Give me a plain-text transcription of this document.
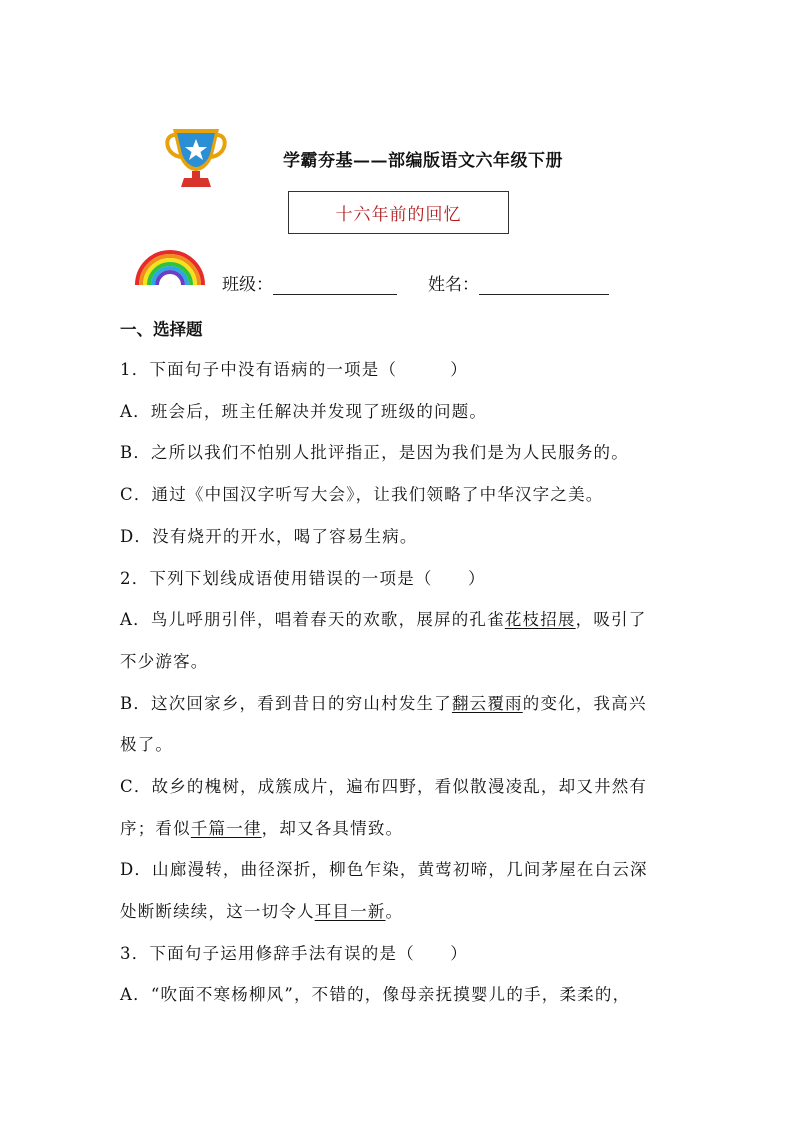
学霸夯基——部编版语文六年级下册
十六年前的回忆
班级：	姓名：
一、选择题
1．下面句子中没有语病的一项是（　　　）
A．班会后，班主任解决并发现了班级的问题。
B．之所以我们不怕别人批评指正，是因为我们是为人民服务的。
C．通过《中国汉字听写大会》，让我们领略了中华汉字之美。
D．没有烧开的开水，喝了容易生病。
2．下列下划线成语使用错误的一项是（　　）
A．鸟儿呼朋引伴，唱着春天的欢歌，展屏的孔雀花枝招展，吸引了
不少游客。
B．这次回家乡，看到昔日的穷山村发生了翻云覆雨的变化，我高兴
极了。
C．故乡的槐树，成簇成片，遍布四野，看似散漫凌乱，却又井然有
序；看似千篇一律，却又各具情致。
D．山廊漫转，曲径深折，柳色乍染，黄莺初啼，几间茅屋在白云深
处断断续续，这一切令人耳目一新。
3．下面句子运用修辞手法有误的是（　　）
A．“吹面不寒杨柳风”，不错的，像母亲抚摸婴儿的手，柔柔的，
